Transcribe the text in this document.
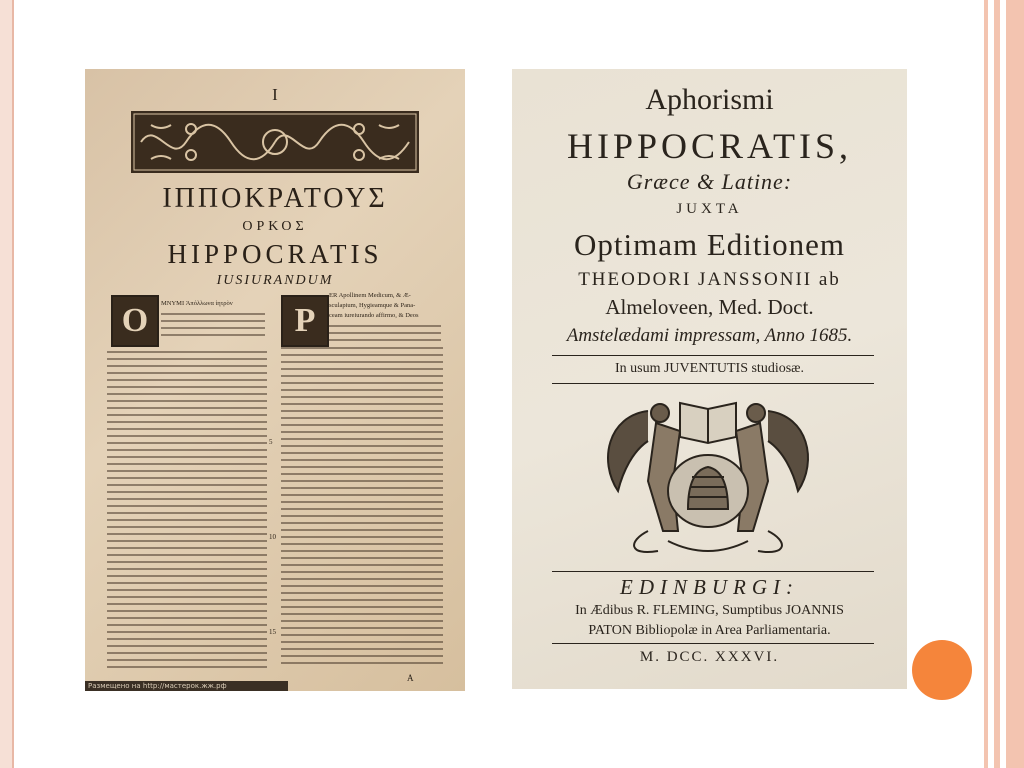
I
ΙΠΠΟΚΡΑΤΟΥΣ
ΟΡΚΟΣ
HIPPOCRATIS
IUSIURANDUM
O	ΜΝΥΜΙ Ἀπόλλωνα ἰητρὸν
5
10
15
P
ER Apollinem Medicum, & Æ-
sculapium, Hygieamque & Pana-
ceam iureiurando affirmo, & Deos
A
Размещено на http://мастерок.жж.рф
Aphorismi
HIPPOCRATIS,
Græce & Latine:
JUXTA
Optimam Editionem
THEODORI JANSSONII ab
Almeloveen, Med. Doct.
Amstelædami impressam, Anno 1685.
In usum JUVENTUTIS studiosæ.
EDINBURGI:
In Ædibus R. FLEMING, Sumptibus JOANNIS
PATON Bibliopolæ in Area Parliamentaria.
M. DCC. XXXVI.
